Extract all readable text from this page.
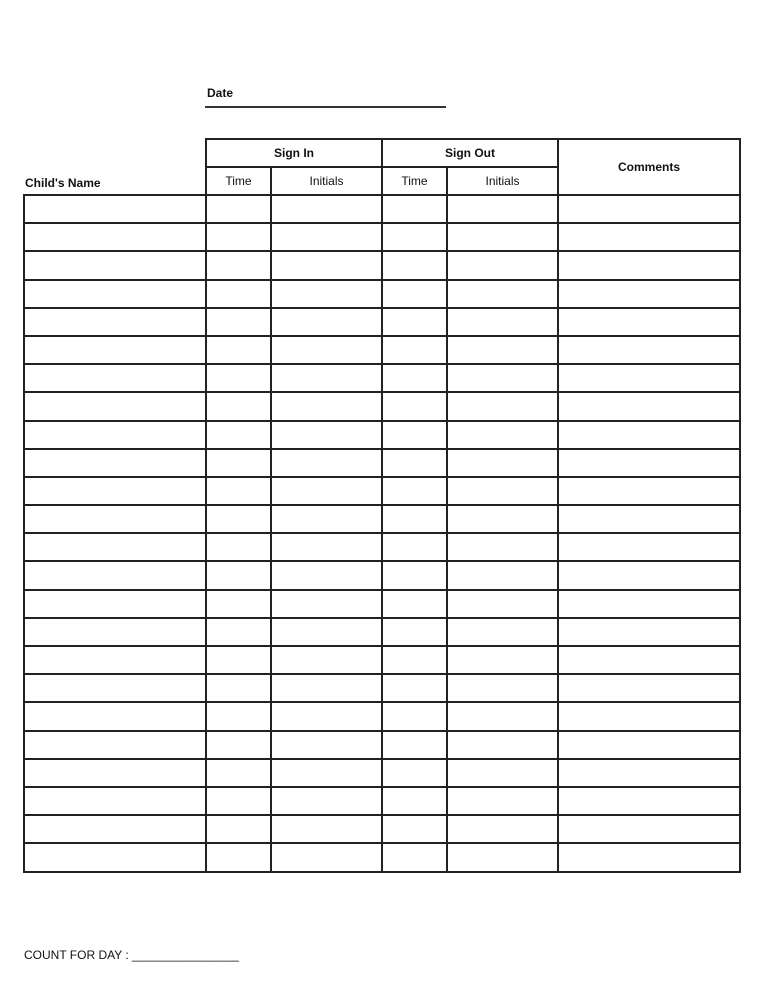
Date
Child's Name
	Sign In		Sign Out		Comments
	Time	Initials	Time	Initials	

COUNT FOR DAY : ________________
